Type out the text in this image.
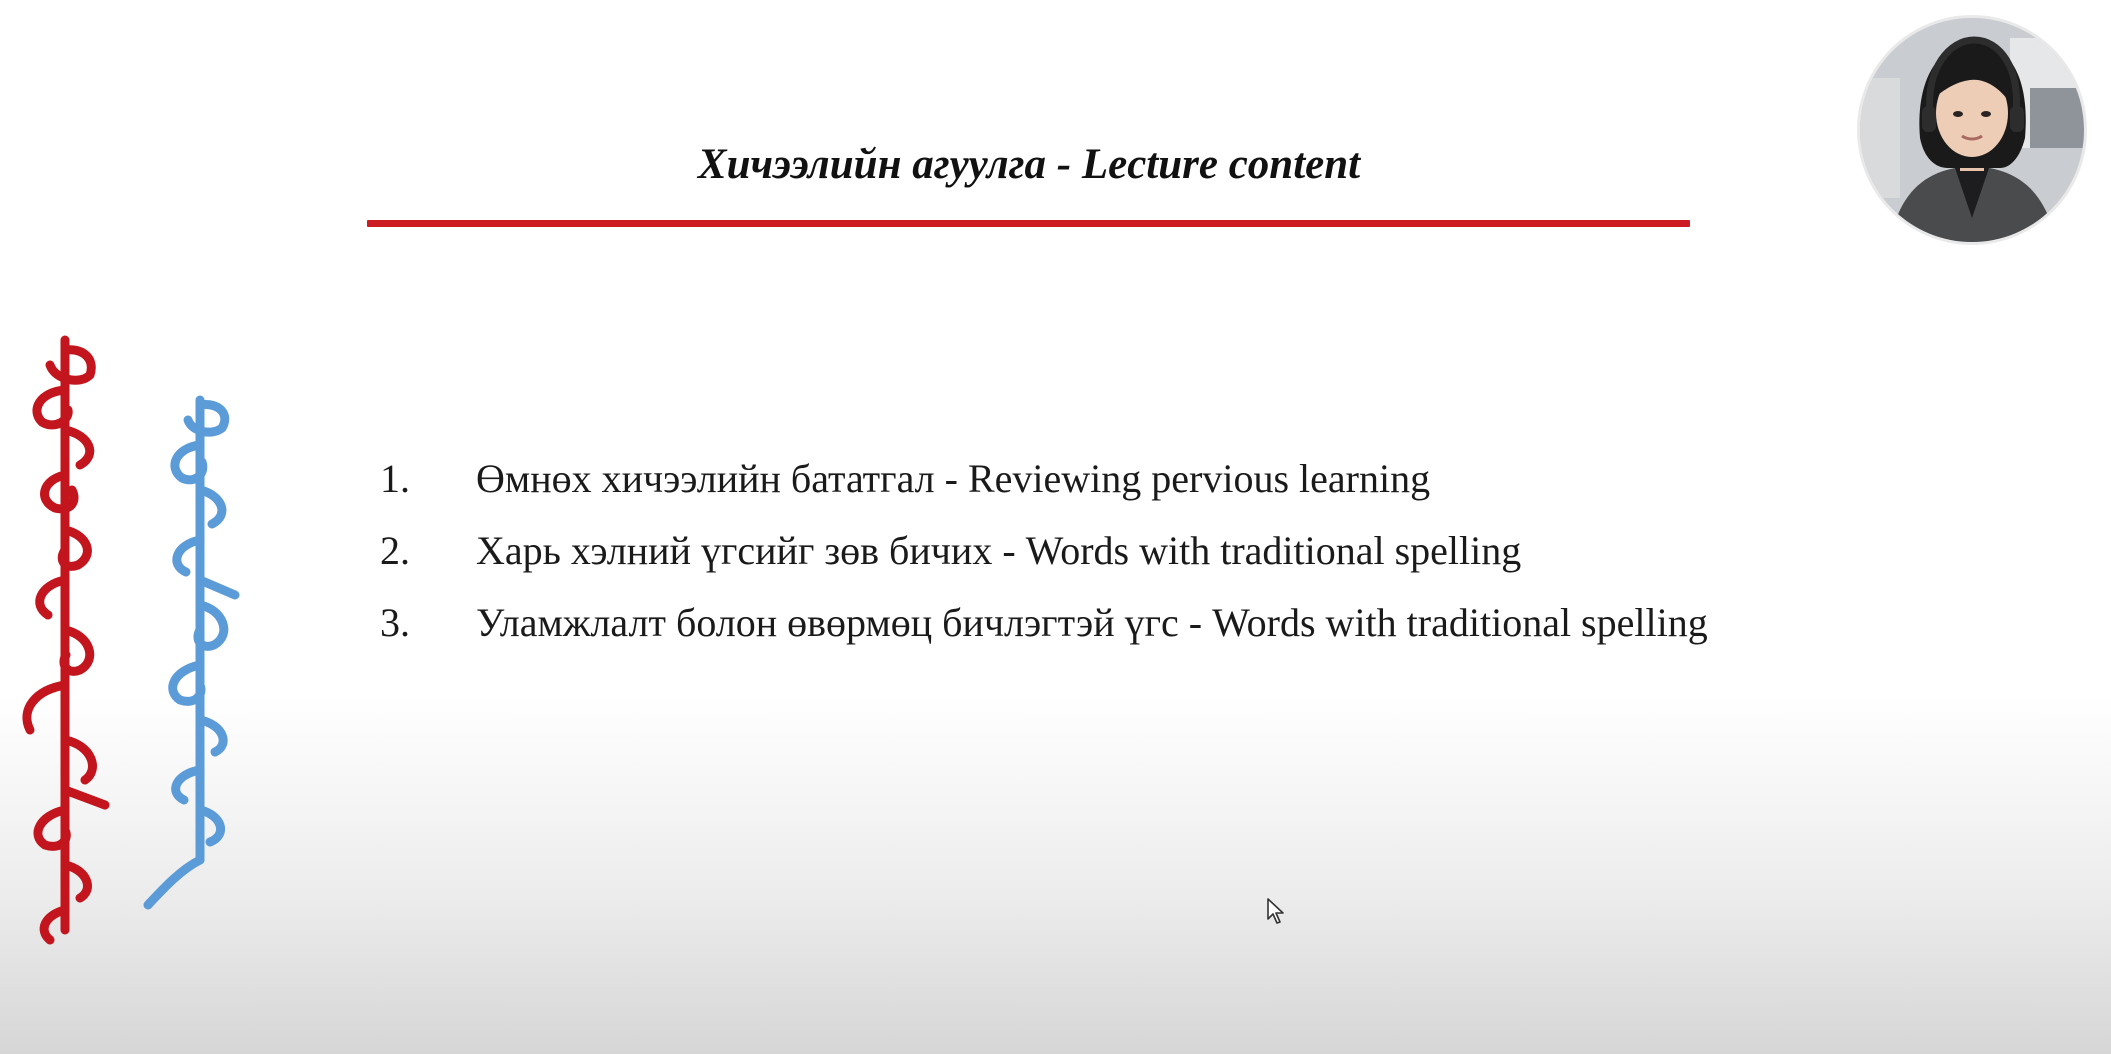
Хичээлийн агуулга - Lecture content
1.	Өмнөх хичээлийн бататгал - Reviewing pervious learning
2.	Харь хэлний үгсийг зөв бичих - Words with traditional spelling
3.	Уламжлалт болон өвөрмөц бичлэгтэй үгс - Words with traditional spelling
